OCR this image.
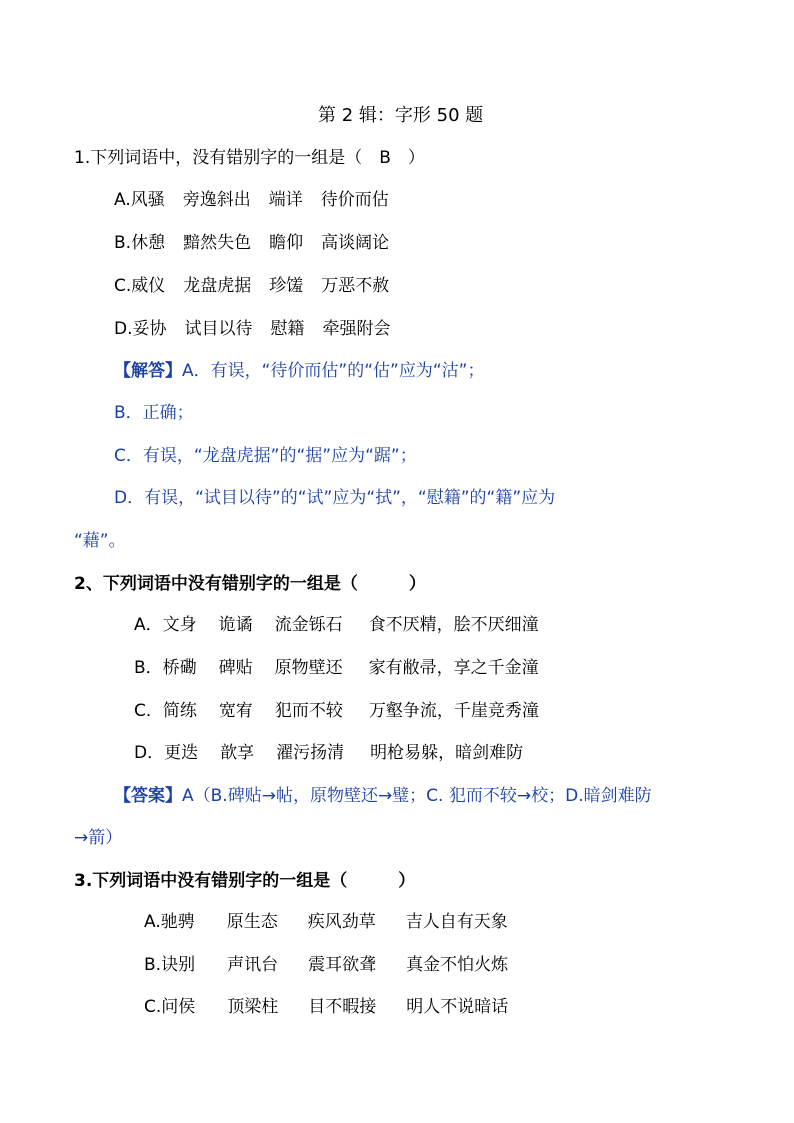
第 2 辑：字形 50 题
1.下列词语中，没有错别字的一组是（　B　）
A.风骚 旁逸斜出 端详 待价而估
B.休憩 黯然失色 瞻仰 高谈阔论
C.威仪 龙盘虎据 珍馐 万恶不赦
D.妥协 试目以待 慰籍 牵强附会
【解答】A．有误，“待价而估”的“估”应为“沽”；
B．正确；
C．有误，“龙盘虎据”的“据”应为“踞”；
D．有误，“试目以待”的“试”应为“拭”，“慰籍”的“籍”应为
“藉”。
2、下列词语中没有错别字的一组是（　　　）
A．文身 诡谲 流金铄石 食不厌精，脍不厌细潼
B．桥磡 碑贴 原物壁还 家有敝帚，享之千金潼
C．简练 宽宥 犯而不较 万壑争流，千崖竞秀潼
D．更迭 歆享 濯污扬清 明枪易躲，暗剑难防
【答案】A（B.碑贴→帖，原物壁还→璧；C. 犯而不较→校；D.暗剑难防
→箭）
3.下列词语中没有错别字的一组是（　　　）
A.驰骋 原生态 疾风劲草 吉人自有天象
B.诀别 声讯台 震耳欲聋 真金不怕火炼
C.问侯 顶梁柱 目不暇接 明人不说暗话
